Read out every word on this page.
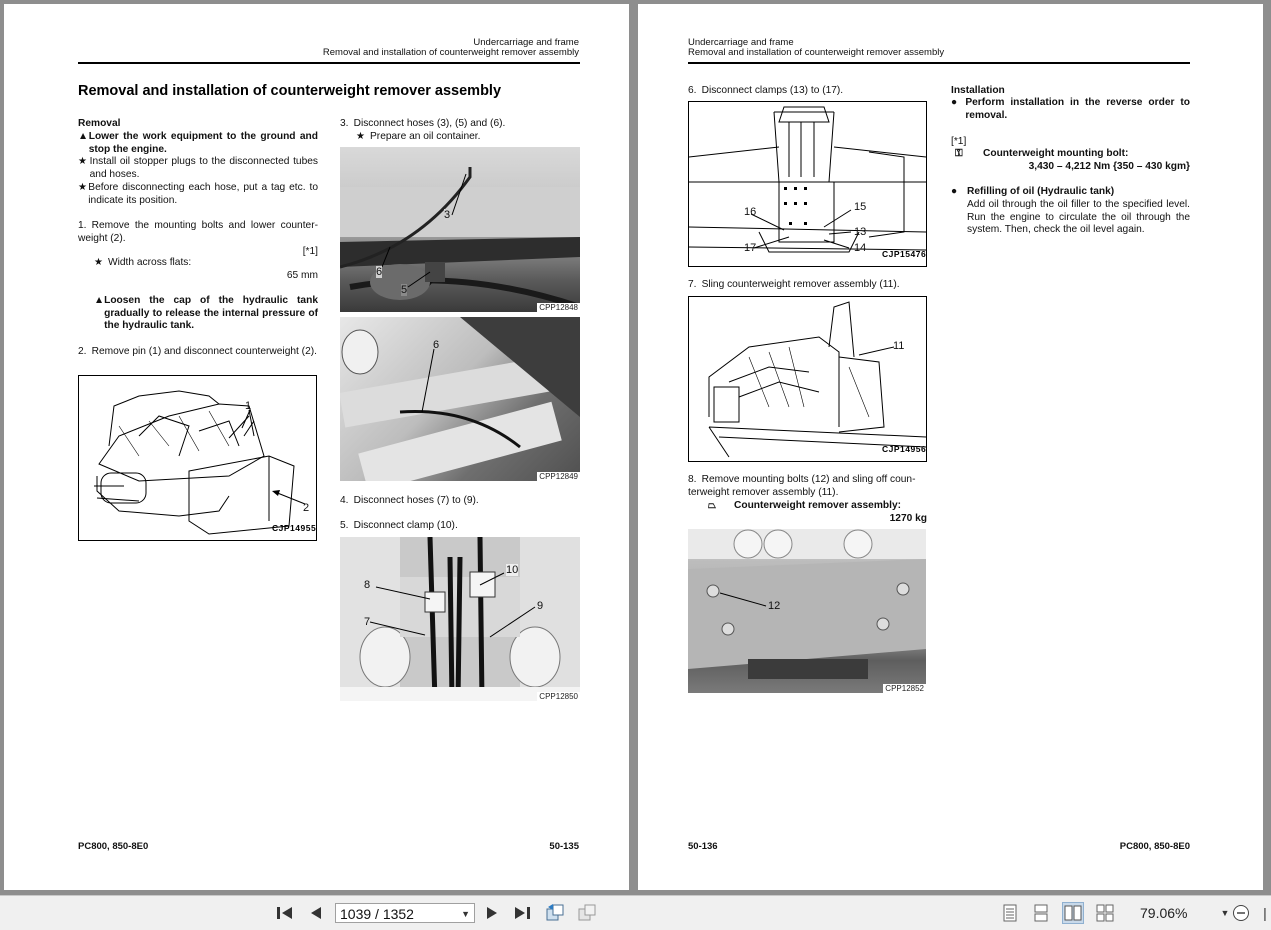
Undercarriage and frame
Removal and installation of counterweight remover assembly
Removal and installation of counterweight remover assembly
Removal
▲ Lower the work equipment to the ground and stop the engine.
★ Install oil stopper plugs to the disconnected tubes and hoses.
★ Before disconnecting each hose, put a tag etc. to indicate its position.
1. Remove the mounting bolts and lower counter-weight (2).
[*1]
★ Width across flats:
65 mm
▲ Loosen the cap of the hydraulic tank gradually to release the internal pressure of the hydraulic tank.
2. Remove pin (1) and disconnect counterweight (2).
1
2
CJP14955
3. Disconnect hoses (3), (5) and (6).
★ Prepare an oil container.
3
6
5
CPP12848
6
CPP12849
4. Disconnect hoses (7) to (9).
5. Disconnect clamp (10).
8
10
7
9
CPP12850
PC800, 850-8E0	50-135
Undercarriage and frame
Removal and installation of counterweight remover assembly
6. Disconnect clamps (13) to (17).
16	15
13
17	14 CJP15476
7. Sling counterweight remover assembly (11).
11
CJP14956
8. Remove mounting bolts (12) and sling off coun-terweight remover assembly (11).
⏢	Counterweight remover assembly:
1270 kg
12
CPP12852
Installation
● Perform installation in the reverse order to removal.
[*1]
⚿	Counterweight mounting bolt:
3,430 – 4,212 Nm {350 – 430 kgm}
● Refilling of oil (Hydraulic tank)
Add oil through the oil filler to the specified level. Run the engine to circulate the oil through the system. Then, check the oil level again.
50-136	PC800, 850-8E0
1039 / 1352	▼	79.06%	▼	|
